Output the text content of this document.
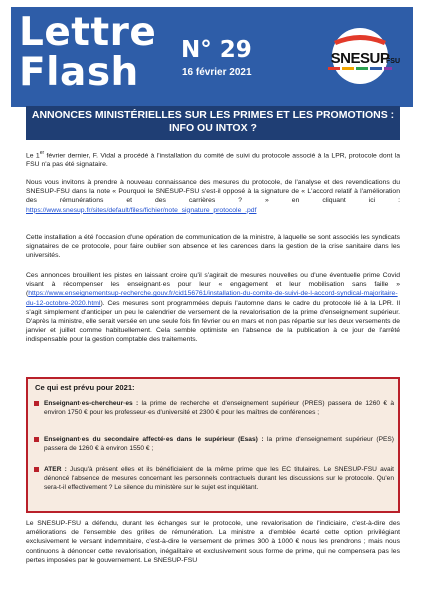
Lettre
Flash N° 29
16 février 2021
SNESUP
FSU
ANNONCES MINISTÉRIELLES SUR LES PRIMES ET LES PROMOTIONS :
INFO OU INTOX ?
Le 1er février dernier, F. Vidal a procédé à l'installation du comité de suivi du protocole associé à la LPR, protocole dont la FSU n'a pas été signataire.
Nous vous invitons à prendre à nouveau connaissance des mesures du protocole, de l'analyse et des revendications du SNESUP-FSU dans la note « Pourquoi le SNESUP-FSU s'est-il opposé à la signature de « L'accord relatif à l'amélioration des rémunérations et des carrières ? » en cliquant ici : https://www.snesup.fr/sites/default/files/fichier/note_signature_protocole_.pdf
Cette installation a été l'occasion d'une opération de communication de la ministre, à laquelle se sont associés les syndicats signataires de ce protocole, pour faire oublier son absence et les carences dans la gestion de la crise sanitaire dans les universités.
Ces annonces brouillent les pistes en laissant croire qu'il s'agirait de mesures nouvelles ou d'une éventuelle prime Covid visant à récompenser les enseignant·es pour leur « engagement et leur mobilisation sans faille » (https://www.enseignementsup-recherche.gouv.fr/cid156761/installation-du-comite-de-suivi-de-l-accord-syndical-majoritaire-du-12-octobre-2020.html). Ces mesures sont programmées depuis l'automne dans le cadre du protocole lié à la LPR. Il s'agit simplement d'anticiper un peu le calendrier de versement de la revalorisation de la prime d'enseignement supérieur. D'après la ministre, elle serait versée en une seule fois fin février ou en mars et non pas répartie sur les deux versements de janvier et juillet comme habituellement. Cela semble optimiste en l'absence de la publication à ce jour de l'arrêté indispensable pour la gestion comptable des traitements.
Ce qui est prévu pour 2021:
Enseignant·es-chercheur·es : la prime de recherche et d'enseignement supérieur (PRES) passera de 1260 € à environ 1750 € pour les professeur·es d'université et 2300 € pour les maîtres de conférences ;
Enseignant·es du secondaire affecté·es dans le supérieur (Esas) : la prime d'enseignement supérieur (PES) passera de 1260 € à environ 1550 € ;
ATER : Jusqu'à présent elles et ils bénéficiaient de la même prime que les EC titulaires. Le SNESUP-FSU avait dénoncé l'absence de mesures concernant les personnels contractuels durant les discussions sur le protocole. Qu'en sera-t-il effectivement ? Le silence du ministère sur le sujet est inquiétant.
Le SNESUP-FSU a défendu, durant les échanges sur le protocole, une revalorisation de l'indiciaire, c'est-à-dire des améliorations de l'ensemble des grilles de rémunération. La ministre a d'emblée écarté cette option privilégiant exclusivement le versant indemnitaire, c'est-à-dire le versement de primes 300 à 1000 € nous les prendrons ; mais nous continuons à dénoncer cette revalorisation, inégalitaire et exclusivement sous forme de prime, qui ne compensera pas les pertes imposées par le gouvernement. Le SNESUP-FSU
